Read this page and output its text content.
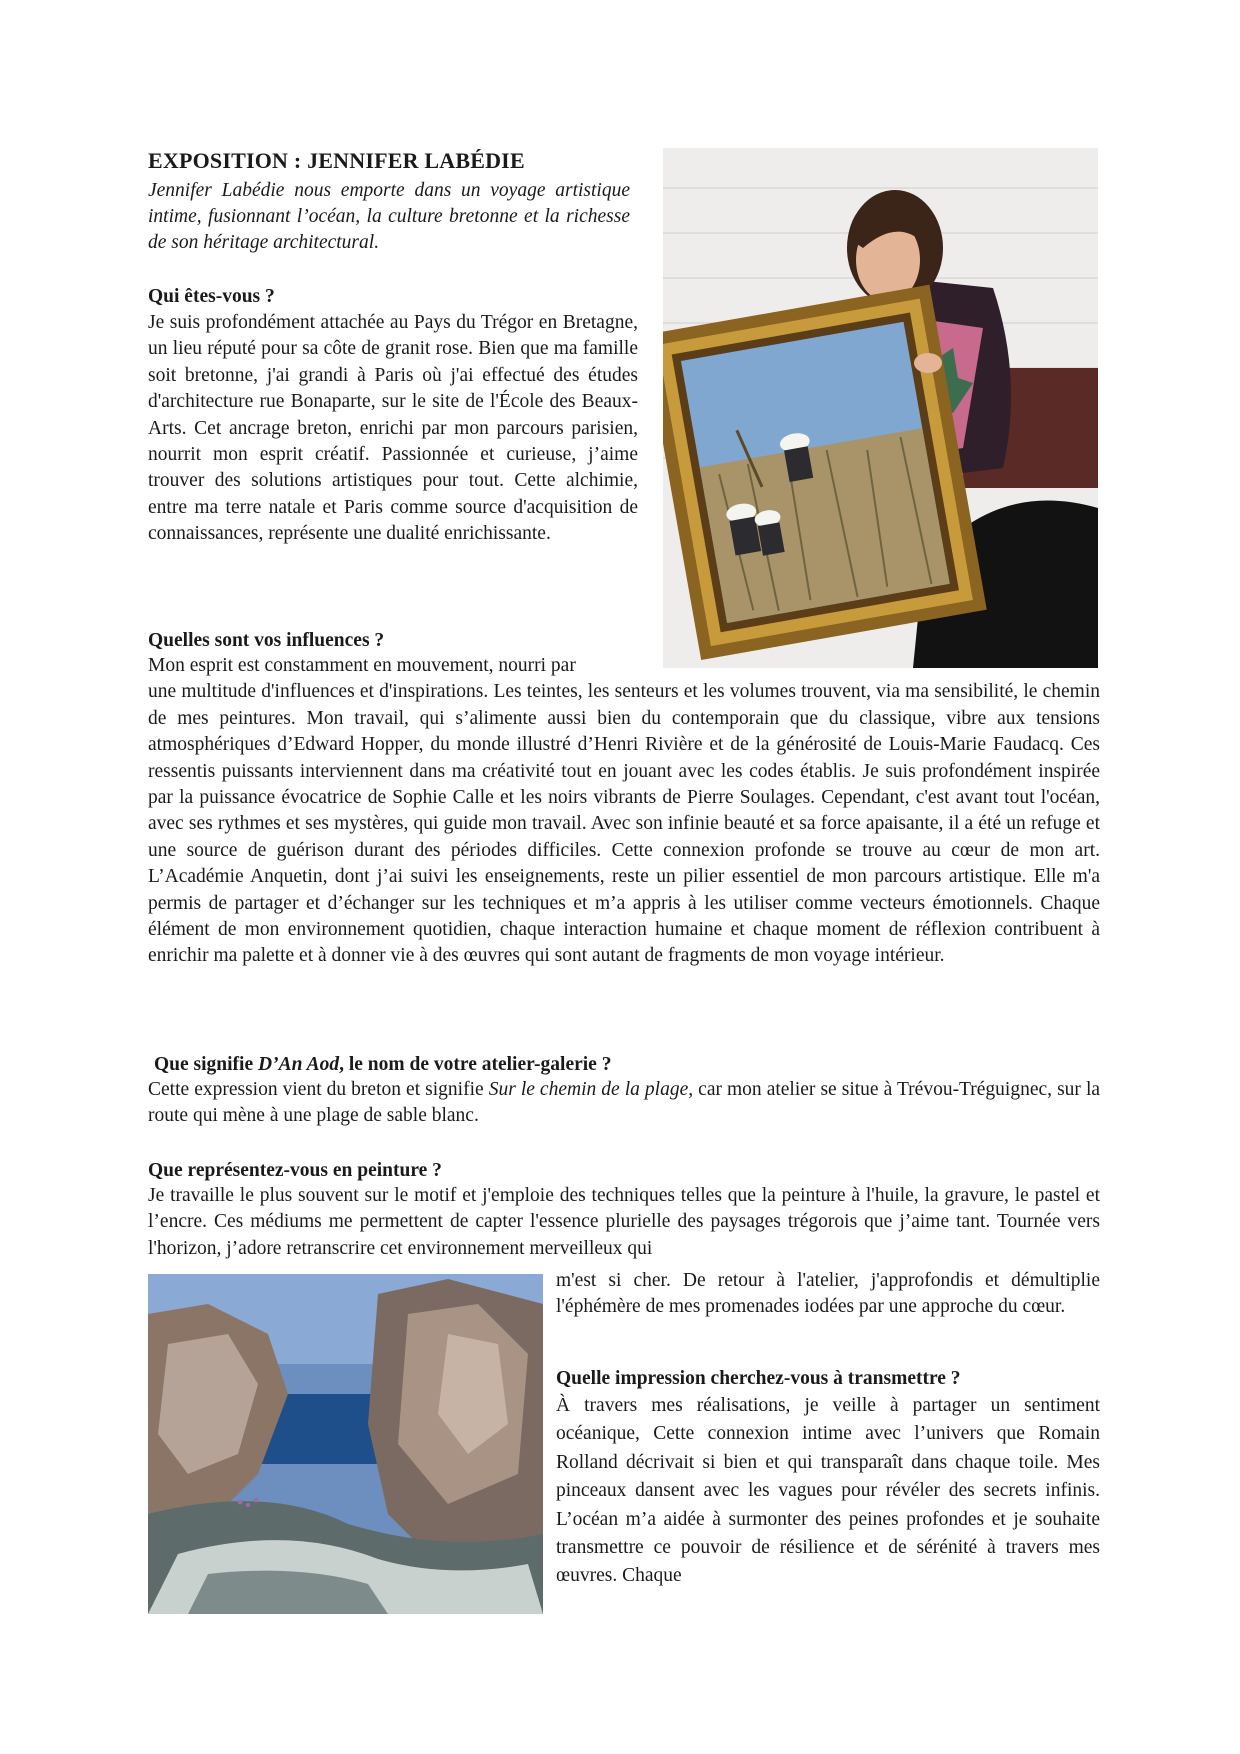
EXPOSITION : JENNIFER LABÉDIE

Jennifer Labédie nous emporte dans un voyage artistique intime, fusionnant l’océan, la culture bretonne et la richesse de son héritage architectural.

Qui êtes-vous ?

Je suis profondément attachée au Pays du Trégor en Bretagne, un lieu réputé pour sa côte de granit rose. Bien que ma famille soit bretonne, j'ai grandi à Paris où j'ai effectué des études d'architecture rue Bonaparte, sur le site de l'École des Beaux-Arts. Cet ancrage breton, enrichi par mon parcours parisien, nourrit mon esprit créatif. Passionnée et curieuse, j’aime trouver des solutions artistiques pour tout. Cette alchimie, entre ma terre natale et Paris comme source d'acquisition de connaissances, représente une dualité enrichissante.

Quelles sont vos influences ?

Mon esprit est constamment en mouvement, nourri par

une multitude d'influences et d'inspirations. Les teintes, les senteurs et les volumes trouvent, via ma sensibilité, le chemin de mes peintures. Mon travail, qui s’alimente aussi bien du contemporain que du classique, vibre aux tensions atmosphériques d’Edward Hopper, du monde illustré d’Henri Rivière et de la générosité de Louis-Marie Faudacq. Ces ressentis puissants interviennent dans ma créativité tout en jouant avec les codes établis. Je suis profondément inspirée par la puissance évocatrice de Sophie Calle et les noirs vibrants de Pierre Soulages. Cependant, c'est avant tout l'océan, avec ses rythmes et ses mystères, qui guide mon travail. Avec son infinie beauté et sa force apaisante, il a été un refuge et une source de guérison durant des périodes difficiles. Cette connexion profonde se trouve au cœur de mon art. L’Académie Anquetin, dont j’ai suivi les enseignements, reste un pilier essentiel de mon parcours artistique. Elle m'a permis de partager et d’échanger sur les techniques et m’a appris à les utiliser comme vecteurs émotionnels. Chaque élément de mon environnement quotidien, chaque interaction humaine et chaque moment de réflexion contribuent à enrichir ma palette et à donner vie à des œuvres qui sont autant de fragments de mon voyage intérieur.

Que signifie D’An Aod, le nom de votre atelier-galerie ?

Cette expression vient du breton et signifie Sur le chemin de la plage, car mon atelier se situe à Trévou-Tréguignec, sur la route qui mène à une plage de sable blanc.

Que représentez-vous en peinture ?

Je travaille le plus souvent sur le motif et j'emploie des techniques telles que la peinture à l'huile, la gravure, le pastel et l’encre. Ces médiums me permettent de capter l'essence plurielle des paysages trégorois que j’aime tant. Tournée vers l'horizon, j’adore retranscrire cet environnement merveilleux qui

m'est si cher. De retour à l'atelier, j'approfondis et démultiplie l'éphémère de mes promenades iodées par une approche du cœur.

Quelle impression cherchez-vous à transmettre ?

À travers mes réalisations, je veille à partager un sentiment océanique, Cette connexion intime avec l’univers que Romain Rolland décrivait si bien et qui transparaît dans chaque toile. Mes pinceaux dansent avec les vagues pour révéler des secrets infinis. L’océan m’a aidée à surmonter des peines profondes et je souhaite transmettre ce pouvoir de résilience et de sérénité à travers mes œuvres. Chaque
